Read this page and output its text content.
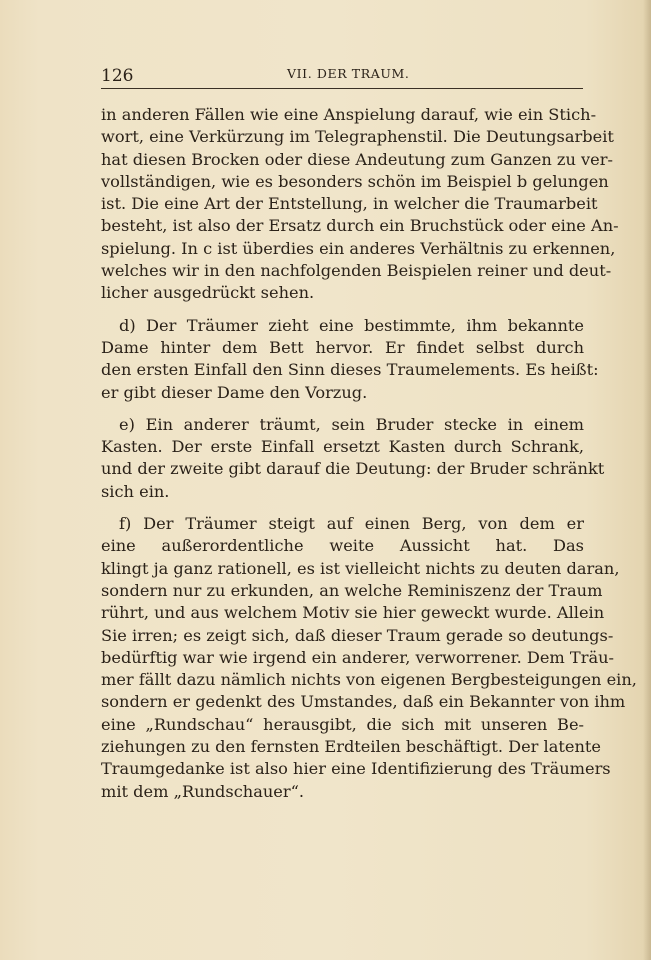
126	VII. DER TRAUM.
in anderen Fällen wie eine Anspielung darauf, wie ein Stich-
wort, eine Verkürzung im Telegraphenstil. Die Deutungsarbeit
hat diesen Brocken oder diese Andeutung zum Ganzen zu ver-
vollständigen, wie es besonders schön im Beispiel b gelungen
ist. Die eine Art der Entstellung, in welcher die Traumarbeit
besteht, ist also der Ersatz durch ein Bruchstück oder eine An-
spielung. In c ist überdies ein anderes Verhältnis zu erkennen,
welches wir in den nachfolgenden Beispielen reiner und deut-
licher ausgedrückt sehen.
d) Der Träumer zieht eine bestimmte, ihm bekannte
Dame hinter dem Bett hervor. Er findet selbst durch
den ersten Einfall den Sinn dieses Traumelements. Es heißt:
er gibt dieser Dame den Vorzug.
e) Ein anderer träumt, sein Bruder stecke in einem
Kasten. Der erste Einfall ersetzt Kasten durch Schrank,
und der zweite gibt darauf die Deutung: der Bruder schränkt
sich ein.
f) Der Träumer steigt auf einen Berg, von dem er
eine außerordentliche weite Aussicht hat. Das
klingt ja ganz rationell, es ist vielleicht nichts zu deuten daran,
sondern nur zu erkunden, an welche Reminiszenz der Traum
rührt, und aus welchem Motiv sie hier geweckt wurde. Allein
Sie irren; es zeigt sich, daß dieser Traum gerade so deutungs-
bedürftig war wie irgend ein anderer, verworrener. Dem Träu-
mer fällt dazu nämlich nichts von eigenen Bergbesteigungen ein,
sondern er gedenkt des Umstandes, daß ein Bekannter von ihm
eine „Rundschau“ herausgibt, die sich mit unseren Be-
ziehungen zu den fernsten Erdteilen beschäftigt. Der latente
Traumgedanke ist also hier eine Identifizierung des Träumers
mit dem „Rundschauer“.
